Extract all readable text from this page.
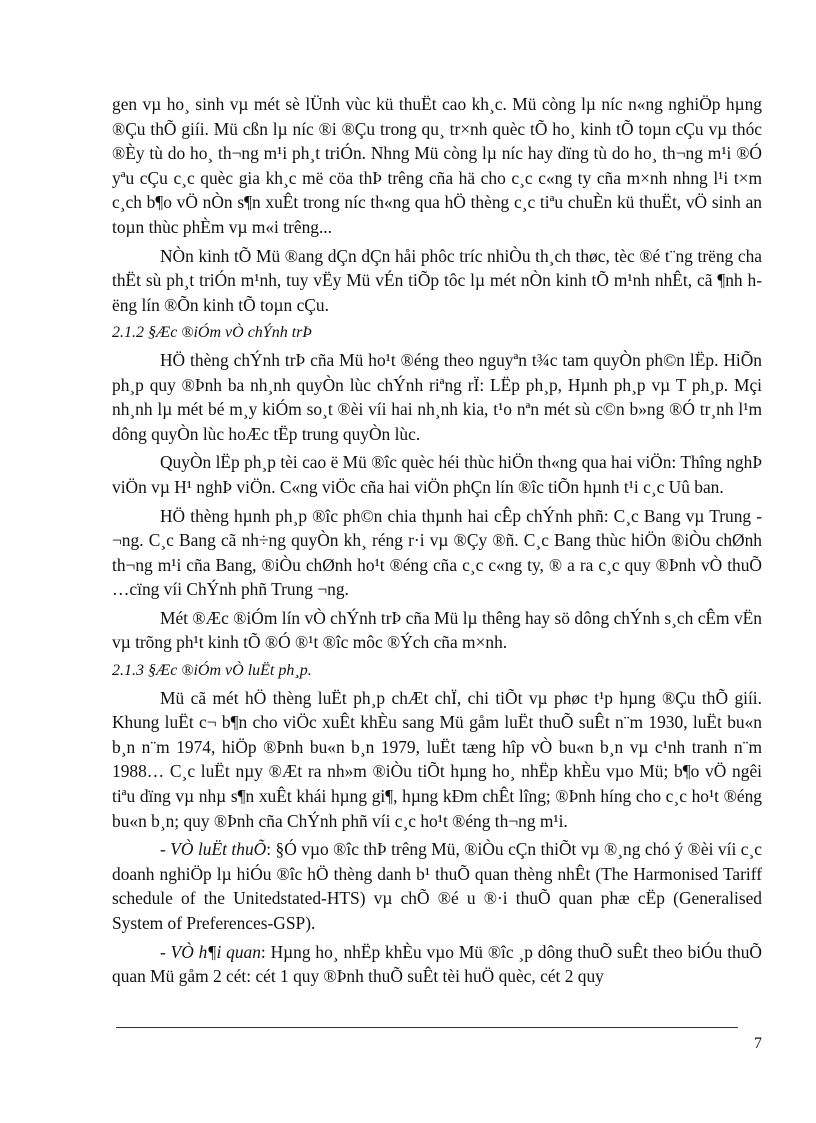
gen vµ ho¸ sinh vµ mét sè lÜnh vùc kü thuËt cao kh¸c. Mü còng lµ níc n«ng nghiÖp hµng ®Çu thÕ giíi. Mü cßn lµ níc ®i ®Çu trong qu¸ tr×nh quèc tÕ ho¸ kinh tÕ toµn cÇu vµ thóc ®Èy tù do ho¸ th¬ng m¹i ph¸t triÓn. Nhng Mü còng lµ níc hay dïng tù do ho¸ th¬ng m¹i ®Ó yªu cÇu c¸c quèc gia kh¸c më cöa thÞ trêng cña hä cho c¸c c«ng ty cña m×nh nhng l¹i t×m c¸ch b¶o vÖ nÒn s¶n xuÊt trong níc th«ng qua hÖ thèng c¸c tiªu chuÈn kü thuËt, vÖ sinh an toµn thùc phÈm vµ m«i trêng...

NÒn kinh tÕ Mü ®ang dÇn dÇn håi phôc tríc nhiÒu th¸ch thøc, tèc ®é t¨ng trëng cha thËt sù ph¸t triÓn m¹nh, tuy vËy Mü vÉn tiÕp tôc lµ mét nÒn kinh tÕ m¹nh nhÊt, cã ¶nh hëng lín ®Õn kinh tÕ toµn cÇu.

2.1.2 §Æc ®iÓm vÒ chÝnh trÞ

HÖ thèng chÝnh trÞ cña Mü ho¹t ®éng theo nguyªn t¾c tam quyÒn ph©n lËp. HiÕn ph¸p quy ®Þnh ba nh¸nh quyÒn lùc chÝnh riªng rÏ: LËp ph¸p, Hµnh ph¸p vµ T ph¸p. Mçi nh¸nh lµ mét bé m¸y kiÓm so¸t ®èi víi hai nh¸nh kia, t¹o nªn mét sù c©n b»ng ®Ó tr¸nh l¹m dông quyÒn lùc hoÆc tËp trung quyÒn lùc.

QuyÒn lËp ph¸p tèi cao ë Mü ®îc quèc héi thùc hiÖn th«ng qua hai viÖn: Thîng nghÞ viÖn vµ H¹ nghÞ viÖn. C«ng viÖc cña hai viÖn phÇn lín ®îc tiÕn hµnh t¹i c¸c Uû ban.

HÖ thèng hµnh ph¸p ®îc ph©n chia thµnh hai cÊp chÝnh phñ: C¸c Bang vµ Trung ¬ng. C¸c Bang cã nh÷ng quyÒn kh¸ réng r·i vµ ®Çy ®ñ. C¸c Bang thùc hiÖn ®iÒu chØnh th¬ng m¹i cña Bang, ®iÒu chØnh ho¹t ®éng cña c¸c c«ng ty, ® a ra c¸c quy ®Þnh vÒ thuÕ …cïng víi ChÝnh phñ Trung ¬ng.

Mét ®Æc ®iÓm lín vÒ chÝnh trÞ cña Mü lµ thêng hay sö dông chÝnh s¸ch cÊm vËn vµ trõng ph¹t kinh tÕ ®Ó ®¹t ®îc môc ®Ých cña m×nh.

2.1.3 §Æc ®iÓm vÒ luËt ph¸p.

Mü cã mét hÖ thèng luËt ph¸p chÆt chÏ, chi tiÕt vµ phøc t¹p hµng ®Çu thÕ giíi. Khung luËt c¬ b¶n cho viÖc xuÊt khÈu sang Mü gåm luËt thuÕ suÊt n¨m 1930, luËt bu«n b¸n n¨m 1974, hiÖp ®Þnh bu«n b¸n 1979, luËt tæng hîp vÒ bu«n b¸n vµ c¹nh tranh n¨m 1988… C¸c luËt nµy ®Æt ra nh»m ®iÒu tiÕt hµng ho¸ nhËp khÈu vµo Mü; b¶o vÖ ngêi tiªu dïng vµ nhµ s¶n xuÊt khái hµng gi¶, hµng kÐm chÊt lîng; ®Þnh híng cho c¸c ho¹t ®éng bu«n b¸n; quy ®Þnh cña ChÝnh phñ víi c¸c ho¹t ®éng th¬ng m¹i.

- VÒ luËt thuÕ: §Ó vµo ®îc thÞ trêng Mü, ®iÒu cÇn thiÕt vµ ®¸ng chó ý ®èi víi c¸c doanh nghiÖp lµ hiÓu ®îc hÖ thèng danh b¹ thuÕ quan thèng nhÊt (The Harmonised Tariff schedule of the Unitedstated-HTS) vµ chÕ ®é u ®·i thuÕ quan phæ cËp (Generalised System of Preferences-GSP).

- VÒ h¶i quan: Hµng ho¸ nhËp khÈu vµo Mü ®îc ¸p dông thuÕ suÊt theo biÓu thuÕ quan Mü gåm 2 cét: cét 1 quy ®Þnh thuÕ suÊt tèi huÖ quèc, cét 2 quy

7
